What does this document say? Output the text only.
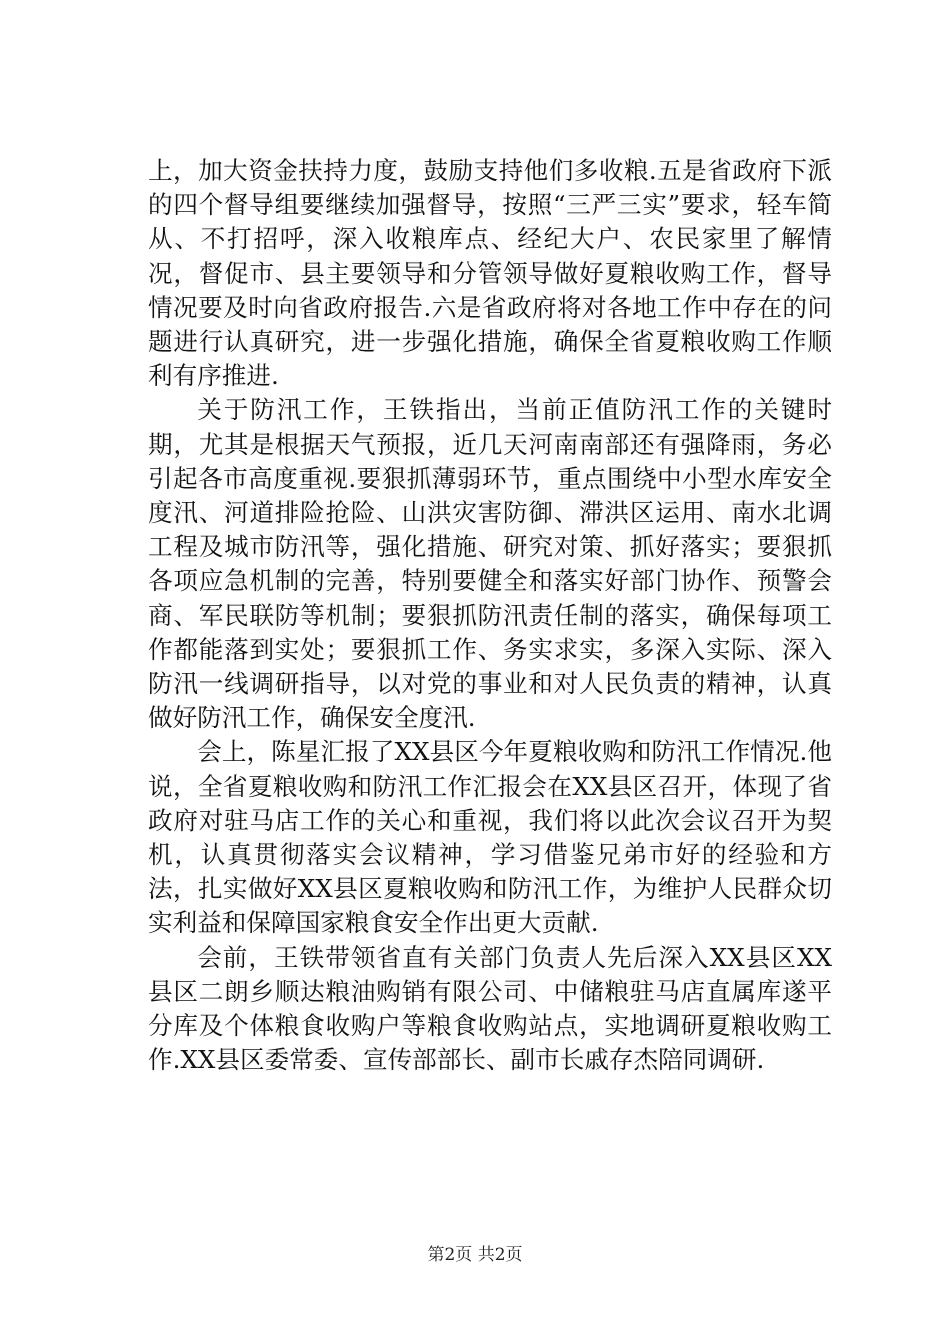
上，加大资金扶持力度，鼓励支持他们多收粮.五是省政府下派的四个督导组要继续加强督导，按照“三严三实”要求，轻车简从、不打招呼，深入收粮库点、经纪大户、农民家里了解情况，督促市、县主要领导和分管领导做好夏粮收购工作，督导情况要及时向省政府报告.六是省政府将对各地工作中存在的问题进行认真研究，进一步强化措施，确保全省夏粮收购工作顺利有序推进.

关于防汛工作，王铁指出，当前正值防汛工作的关键时期，尤其是根据天气预报，近几天河南南部还有强降雨，务必引起各市高度重视.要狠抓薄弱环节，重点围绕中小型水库安全度汛、河道排险抢险、山洪灾害防御、滞洪区运用、南水北调工程及城市防汛等，强化措施、研究对策、抓好落实；要狠抓各项应急机制的完善，特别要健全和落实好部门协作、预警会商、军民联防等机制；要狠抓防汛责任制的落实，确保每项工作都能落到实处；要狠抓工作、务实求实，多深入实际、深入防汛一线调研指导，以对党的事业和对人民负责的精神，认真做好防汛工作，确保安全度汛.

会上，陈星汇报了XX县区今年夏粮收购和防汛工作情况.他说，全省夏粮收购和防汛工作汇报会在XX县区召开，体现了省政府对驻马店工作的关心和重视，我们将以此次会议召开为契机，认真贯彻落实会议精神，学习借鉴兄弟市好的经验和方法，扎实做好XX县区夏粮收购和防汛工作，为维护人民群众切实利益和保障国家粮食安全作出更大贡献.

会前，王铁带领省直有关部门负责人先后深入XX县区XX县区二朗乡顺达粮油购销有限公司、中储粮驻马店直属库遂平分库及个体粮食收购户等粮食收购站点，实地调研夏粮收购工作.XX县区委常委、宣传部部长、副市长戚存杰陪同调研.

第2页 共2页
